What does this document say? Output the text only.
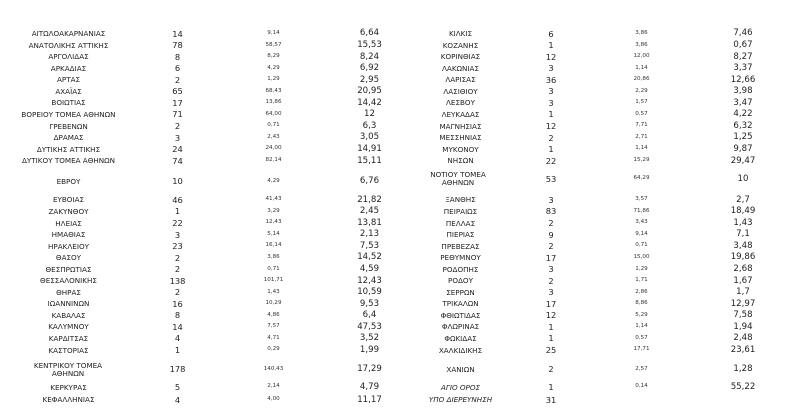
ΑΙΤΩΛΟΑΚΑΡΝΑΝΙΑΣ	14	9,14	6,64
ΑΝΑΤΟΛΙΚΗΣ ΑΤΤΙΚΗΣ	78	58,57	15,53
ΑΡΓΟΛΙΔΑΣ	8	8,29	8,24
ΑΡΚΑΔΙΑΣ	6	4,29	6,92
ΑΡΤΑΣ	2	1,29	2,95
ΑΧΑΪΑΣ	65	68,43	20,95
ΒΟΙΩΤΙΑΣ	17	13,86	14,42
ΒΟΡΕΙΟΥ ΤΟΜΕΑ ΑΘΗΝΩΝ	71	64,00	12
ΓΡΕΒΕΝΩΝ	2	0,71	6,3
ΔΡΑΜΑΣ	3	2,43	3,05
ΔΥΤΙΚΗΣ ΑΤΤΙΚΗΣ	24	24,00	14,91
ΔΥΤΙΚΟΥ ΤΟΜΕΑ ΑΘΗΝΩΝ	74	82,14	15,11
ΕΒΡΟΥ	10	4,29	6,76
ΕΥΒΟΙΑΣ	46	41,43	21,82
ΖΑΚΥΝΘΟΥ	1	3,29	2,45
ΗΛΕΙΑΣ	22	12,43	13,81
ΗΜΑΘΙΑΣ	3	5,14	2,13
ΗΡΑΚΛΕΙΟΥ	23	16,14	7,53
ΘΑΣΟΥ	2	3,86	14,52
ΘΕΣΠΡΩΤΙΑΣ	2	0,71	4,59
ΘΕΣΣΑΛΟΝΙΚΗΣ	138	101,71	12,43
ΘΗΡΑΣ	2	1,43	10,59
ΙΩΑΝΝΙΝΩΝ	16	10,29	9,53
ΚΑΒΑΛΑΣ	8	4,86	6,4
ΚΑΛΥΜΝΟΥ	14	7,57	47,53
ΚΑΡΔΙΤΣΑΣ	4	4,71	3,52
ΚΑΣΤΟΡΙΑΣ	1	0,29	1,99
ΚΕΝΤΡΙΚΟΥ ΤΟΜΕΑ ΑΘΗΝΩΝ	178	140,43	17,29
ΚΕΡΚΥΡΑΣ	5	2,14	4,79
ΚΕΦΑΛΛΗΝΙΑΣ	4	4,00	11,17
ΚΙΛΚΙΣ	6	3,86	7,46
ΚΟΖΑΝΗΣ	1	3,86	0,67
ΚΟΡΙΝΘΙΑΣ	12	12,00	8,27
ΛΑΚΩΝΙΑΣ	3	1,14	3,37
ΛΑΡΙΣΑΣ	36	20,86	12,66
ΛΑΣΙΘΙΟΥ	3	2,29	3,98
ΛΕΣΒΟΥ	3	1,57	3,47
ΛΕΥΚΑΔΑΣ	1	0,57	4,22
ΜΑΓΝΗΣΙΑΣ	12	7,71	6,32
ΜΕΣΣΗΝΙΑΣ	2	2,71	1,25
ΜΥΚΟΝΟΥ	1	1,14	9,87
ΝΗΣΩΝ	22	15,29	29,47
ΝΟΤΙΟΥ ΤΟΜΕΑ ΑΘΗΝΩΝ	53	64,29	10
ΞΑΝΘΗΣ	3	3,57	2,7
ΠΕΙΡΑΙΩΣ	83	71,86	18,49
ΠΕΛΛΑΣ	2	3,43	1,43
ΠΙΕΡΙΑΣ	9	9,14	7,1
ΠΡΕΒΕΖΑΣ	2	0,71	3,48
ΡΕΘΥΜΝΟΥ	17	15,00	19,86
ΡΟΔΟΠΗΣ	3	1,29	2,68
ΡΟΔΟΥ	2	1,71	1,67
ΣΕΡΡΩΝ	3	2,86	1,7
ΤΡΙΚΑΛΩΝ	17	8,86	12,97
ΦΘΙΩΤΙΔΑΣ	12	5,29	7,58
ΦΛΩΡΙΝΑΣ	1	1,14	1,94
ΦΩΚΙΔΑΣ	1	0,57	2,48
ΧΑΛΚΙΔΙΚΗΣ	25	17,71	23,61
ΧΑΝΙΩΝ	2	2,57	1,28
ΑΓΙΟ ΟΡΟΣ	1	0,14	55,22
ΥΠΟ ΔΙΕΡΕΥΝΗΣΗ	31
